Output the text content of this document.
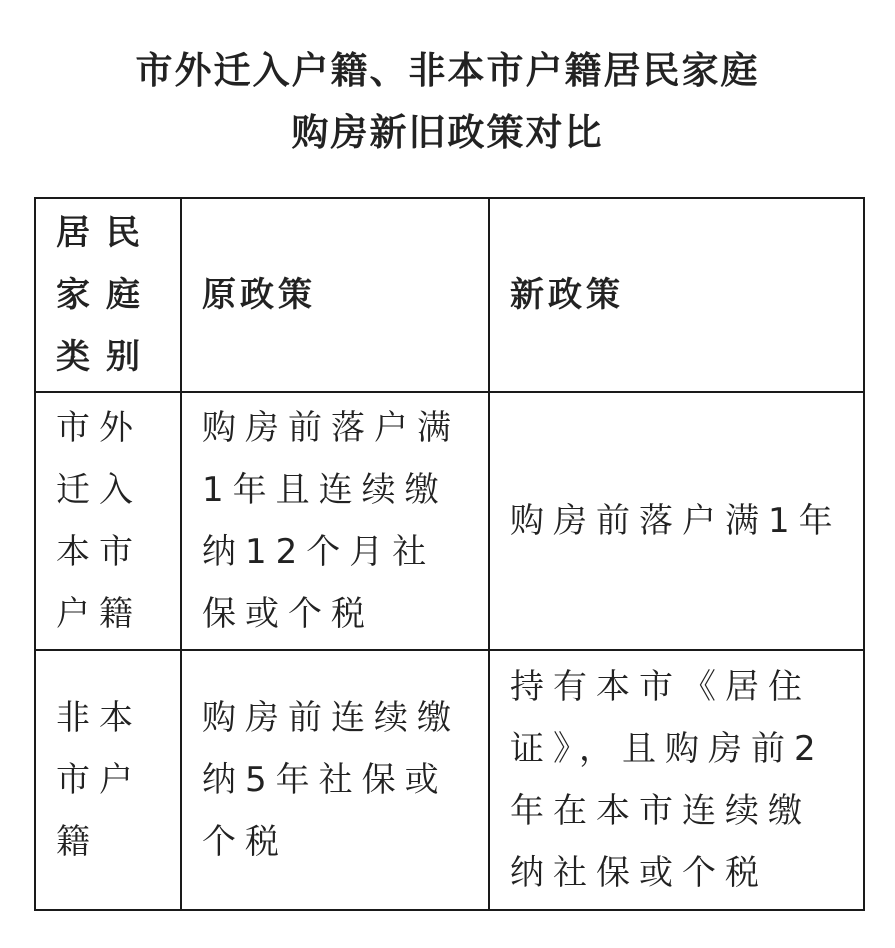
市外迁入户籍、非本市户籍居民家庭
购房新旧政策对比
居民家庭类别	原政策	新政策
市外迁入本市户籍	购房前落户满1年且连续缴纳12个月社保或个税	购房前落户满1年
非本市户籍	购房前连续缴纳5年社保或个税	持有本市《居住证》，且购房前2年在本市连续缴纳社保或个税
